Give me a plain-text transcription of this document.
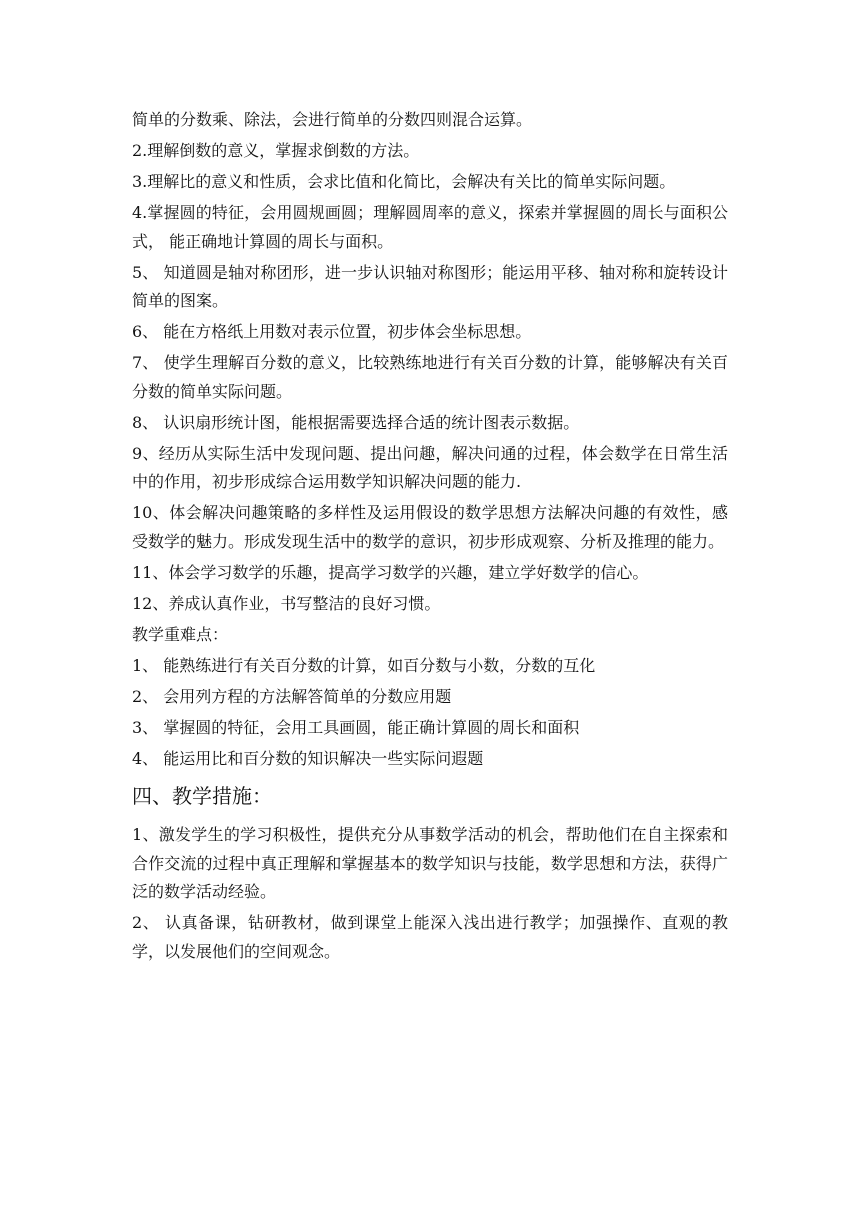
简单的分数乘、除法，会进行简单的分数四则混合运算。

2.理解倒数的意义，掌握求倒数的方法。

3.理解比的意义和性质，会求比值和化简比，会解决有关比的简单实际问题。

4.掌握圆的特征，会用圆规画圆；理解圆周率的意义，探索并掌握圆的周长与面积公式， 能正确地计算圆的周长与面积。

5、 知道圆是轴对称团形，进一步认识轴对称图形；能运用平移、轴对称和旋转设计简单的图案。

6、 能在方格纸上用数对表示位置，初步体会坐标思想。

7、 使学生理解百分数的意义，比较熟练地进行有关百分数的计算，能够解决有关百分数的简单实际问题。

8、 认识扇形统计图，能根据需要选择合适的统计图表示数据。

9、经历从实际生活中发现问题、提出问趣，解决问通的过程，体会数学在日常生活中的作用，初步形成综合运用数学知识解决问题的能力.

10、体会解决问趣策略的多样性及运用假设的数学思想方法解决问趣的有效性，感受数学的魅力。形成发现生活中的数学的意识，初步形成观察、分析及推理的能力。

11、体会学习数学的乐趣，提高学习数学的兴趣，建立学好数学的信心。

12、养成认真作业，书写整洁的良好习惯。

教学重难点：

1、 能熟练进行有关百分数的计算，如百分数与小数，分数的互化

2、 会用列方程的方法解答简单的分数应用题

3、 掌握圆的特征，会用工具画圆，能正确计算圆的周长和面积

4、 能运用比和百分数的知识解决一些实际问遐题

四、教学措施：

1、激发学生的学习积极性，提供充分从事数学活动的机会，帮助他们在自主探索和合作交流的过程中真正理解和掌握基本的数学知识与技能，数学思想和方法，获得广泛的数学活动经验。

2、 认真备课，钻研教材，做到课堂上能深入浅出进行教学；加强操作、直观的教学，以发展他们的空间观念。
